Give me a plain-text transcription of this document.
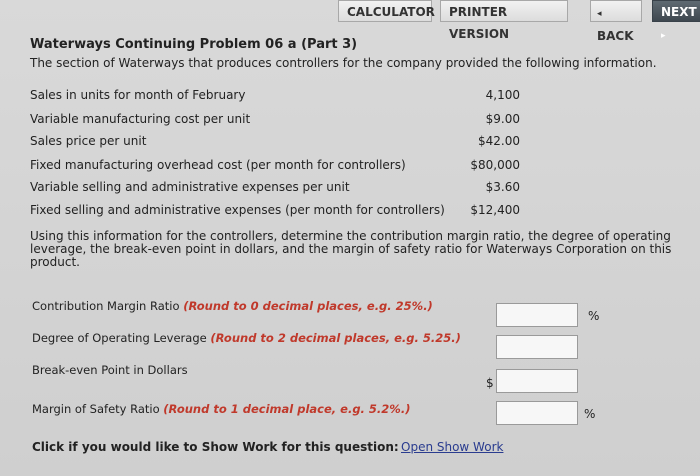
CALCULATOR	PRINTER VERSION
◂ BACK
NEXT ▸
Waterways Continuing Problem 06 a (Part 3)
The section of Waterways that produces controllers for the company provided the following information.
Sales in units for month of February	4,100
Variable manufacturing cost per unit	$9.00
Sales price per unit	$42.00
Fixed manufacturing overhead cost (per month for controllers)	$80,000
Variable selling and administrative expenses per unit	$3.60
Fixed selling and administrative expenses (per month for controllers) $12,400
Using this information for the controllers, determine the contribution margin ratio, the degree of operating leverage, the break-even point in dollars, and the margin of safety ratio for Waterways Corporation on this product.
Contribution Margin Ratio (Round to 0 decimal places, e.g. 25%.)
%
Degree of Operating Leverage (Round to 2 decimal places, e.g. 5.25.)
Break-even Point in Dollars
$
Margin of Safety Ratio (Round to 1 decimal place, e.g. 5.2%.)	%
Click if you would like to Show Work for this question: Open Show Work
